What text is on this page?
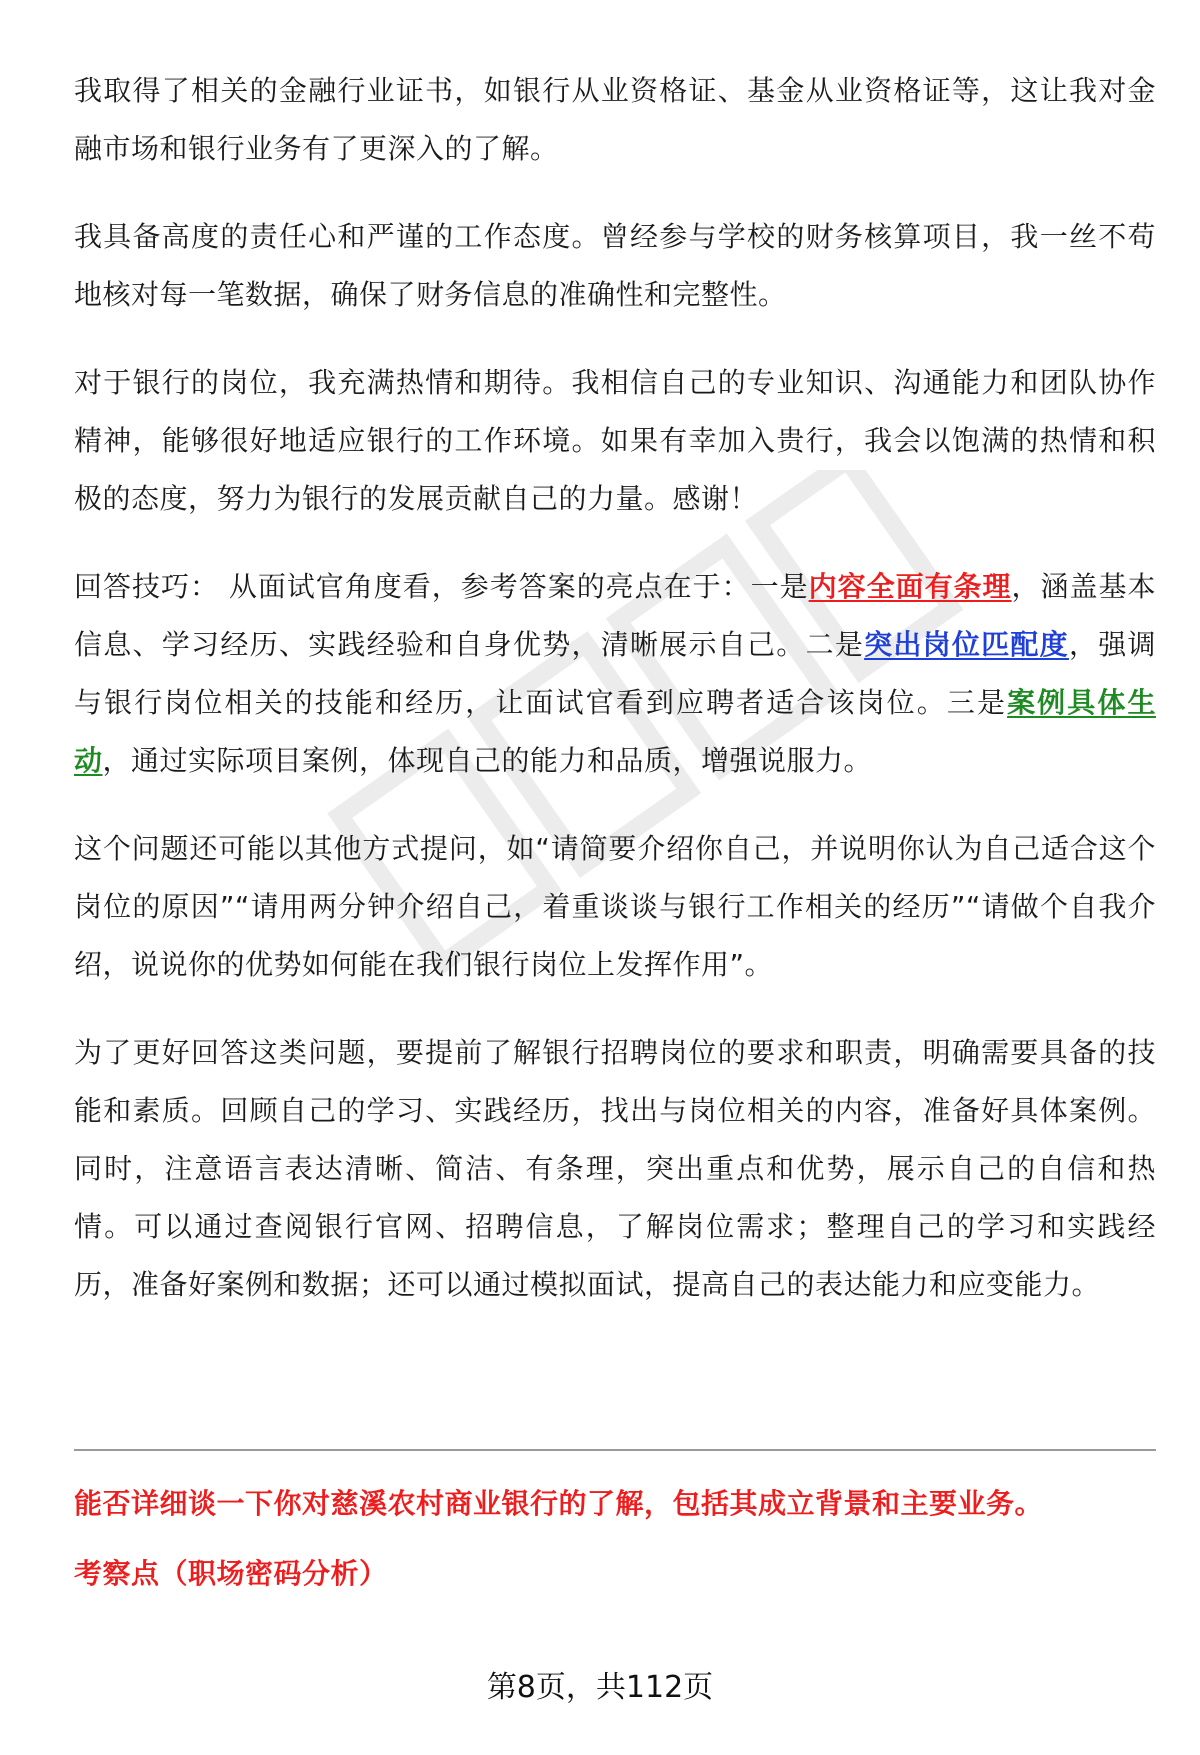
我取得了相关的金融行业证书，如银行从业资格证、基金从业资格证等，这让我对金融市场和银行业务有了更深入的了解。

我具备高度的责任心和严谨的工作态度。曾经参与学校的财务核算项目，我一丝不苟地核对每一笔数据，确保了财务信息的准确性和完整性。

对于银行的岗位，我充满热情和期待。我相信自己的专业知识、沟通能力和团队协作精神，能够很好地适应银行的工作环境。如果有幸加入贵行，我会以饱满的热情和积极的态度，努力为银行的发展贡献自己的力量。感谢！

回答技巧： 从面试官角度看，参考答案的亮点在于：一是内容全面有条理，涵盖基本信息、学习经历、实践经验和自身优势，清晰展示自己。二是突出岗位匹配度，强调与银行岗位相关的技能和经历，让面试官看到应聘者适合该岗位。三是案例具体生动，通过实际项目案例，体现自己的能力和品质，增强说服力。

这个问题还可能以其他方式提问，如“请简要介绍你自己，并说明你认为自己适合这个岗位的原因”“请用两分钟介绍自己，着重谈谈与银行工作相关的经历”“请做个自我介绍，说说你的优势如何能在我们银行岗位上发挥作用”。

为了更好回答这类问题，要提前了解银行招聘岗位的要求和职责，明确需要具备的技能和素质。回顾自己的学习、实践经历，找出与岗位相关的内容，准备好具体案例。同时，注意语言表达清晰、简洁、有条理，突出重点和优势，展示自己的自信和热情。可以通过查阅银行官网、招聘信息，了解岗位需求；整理自己的学习和实践经历，准备好案例和数据；还可以通过模拟面试，提高自己的表达能力和应变能力。

能否详细谈一下你对慈溪农村商业银行的了解，包括其成立背景和主要业务。
考察点（职场密码分析）
第8页，共112页
